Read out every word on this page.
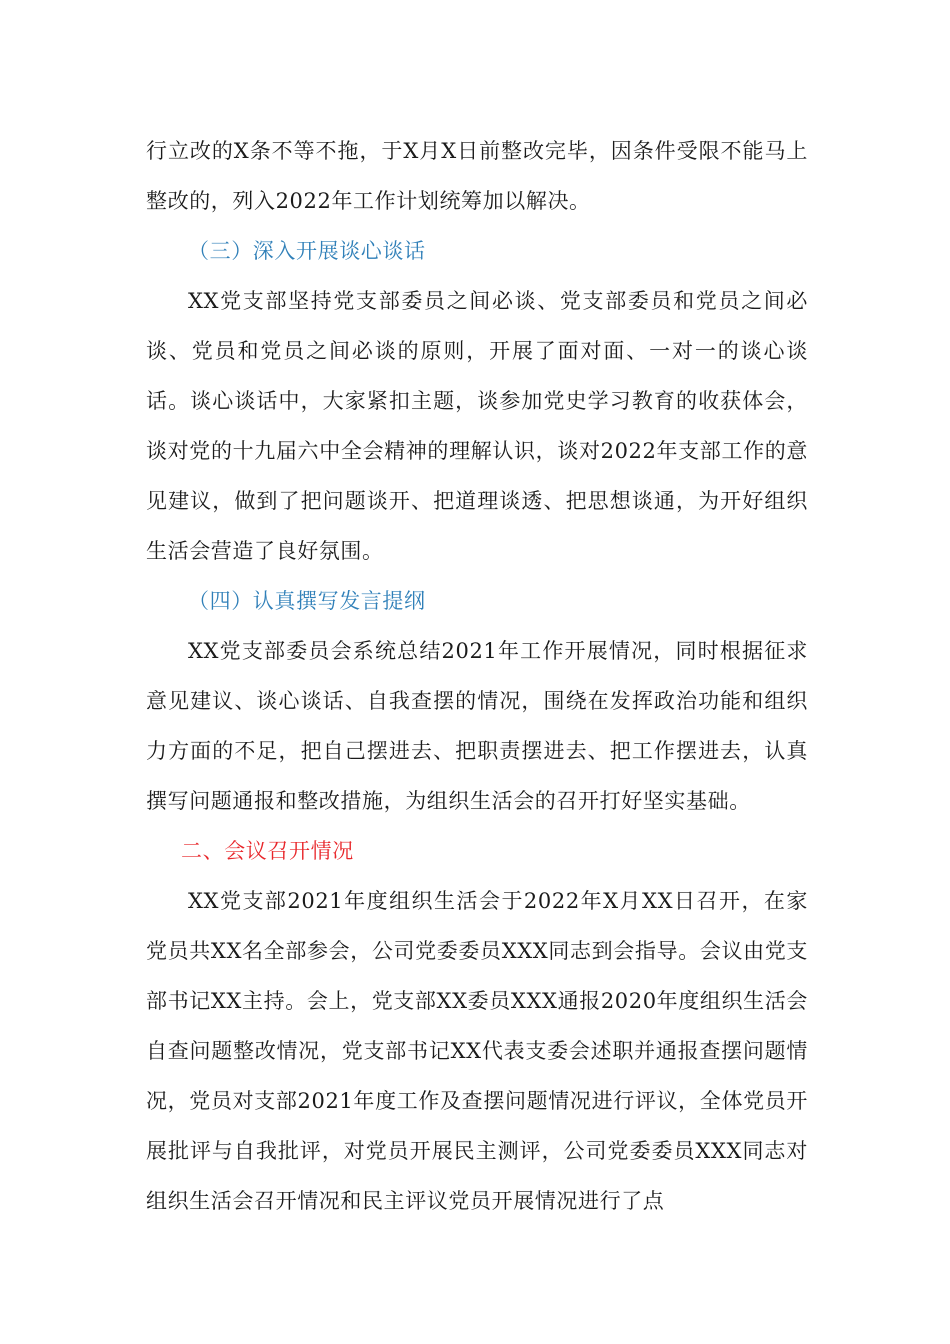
行立改的X条不等不拖，于X月X日前整改完毕，因条件受限不能马上整改的，列入2022年工作计划统筹加以解决。

（三）深入开展谈心谈话

XX党支部坚持党支部委员之间必谈、党支部委员和党员之间必谈、党员和党员之间必谈的原则，开展了面对面、一对一的谈心谈话。谈心谈话中，大家紧扣主题，谈参加党史学习教育的收获体会，谈对党的十九届六中全会精神的理解认识，谈对2022年支部工作的意见建议，做到了把问题谈开、把道理谈透、把思想谈通，为开好组织生活会营造了良好氛围。

（四）认真撰写发言提纲

XX党支部委员会系统总结2021年工作开展情况，同时根据征求意见建议、谈心谈话、自我查摆的情况，围绕在发挥政治功能和组织力方面的不足，把自己摆进去、把职责摆进去、把工作摆进去，认真撰写问题通报和整改措施，为组织生活会的召开打好坚实基础。

二、会议召开情况

XX党支部2021年度组织生活会于2022年X月XX日召开，在家党员共XX名全部参会，公司党委委员XXX同志到会指导。会议由党支部书记XX主持。会上，党支部XX委员XXX通报2020年度组织生活会自查问题整改情况，党支部书记XX代表支委会述职并通报查摆问题情况，党员对支部2021年度工作及查摆问题情况进行评议，全体党员开展批评与自我批评，对党员开展民主测评，公司党委委员XXX同志对组织生活会召开情况和民主评议党员开展情况进行了点
